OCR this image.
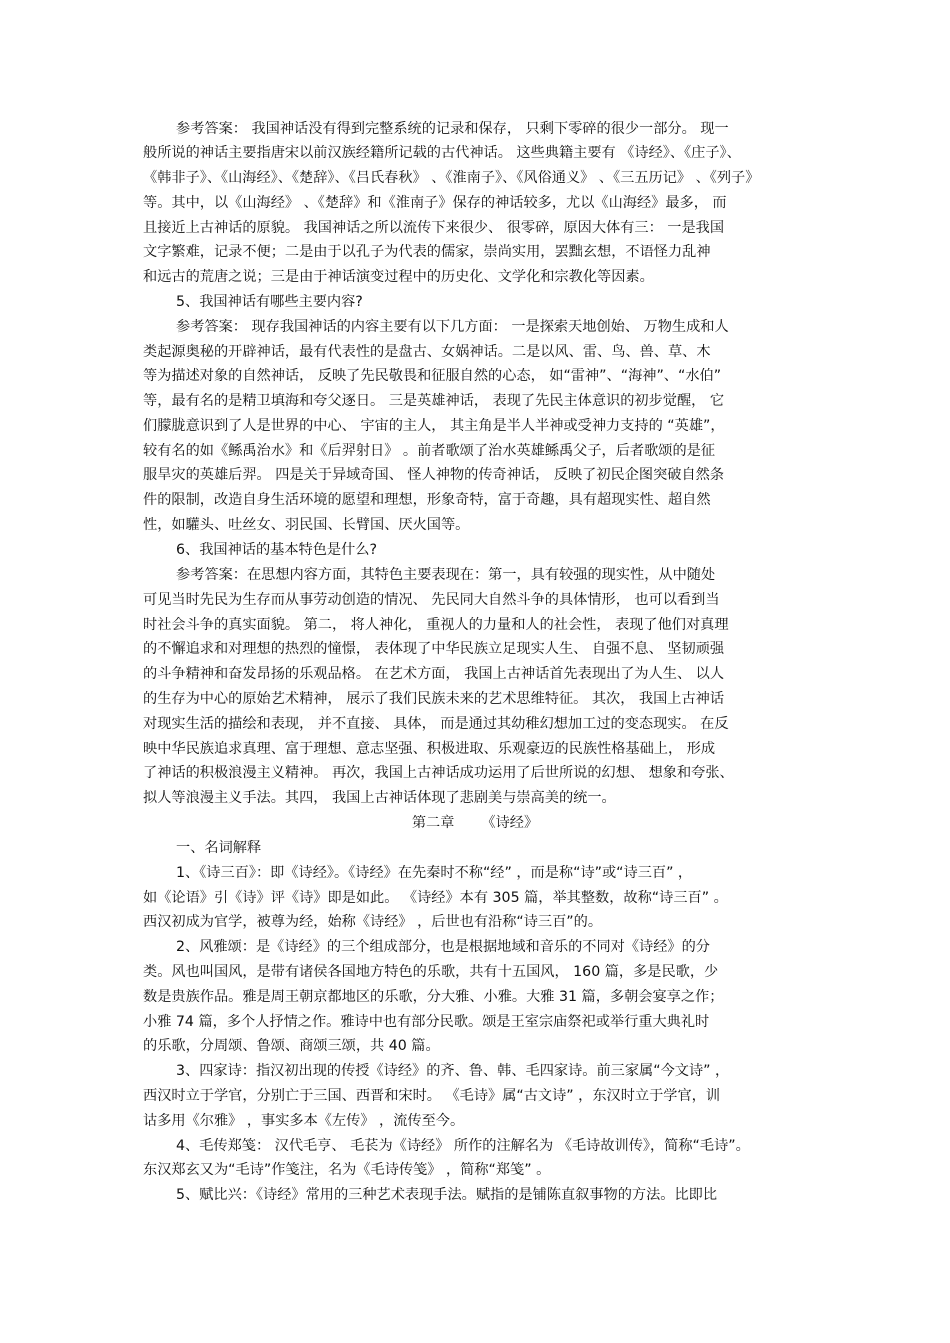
参考答案： 我国神话没有得到完整系统的记录和保存， 只剩下零碎的很少一部分。 现一
般所说的神话主要指唐宋以前汉族经籍所记载的古代神话。 这些典籍主要有 《诗经》、《庄子》、
《韩非子》、《山海经》、《楚辞》、《吕氏春秋》 、《淮南子》、《风俗通义》 、《三五历记》 、《列子》
等。其中，以《山海经》 、《楚辞》和《淮南子》保存的神话较多，尤以《山海经》最多， 而
且接近上古神话的原貌。 我国神话之所以流传下来很少、 很零碎，原因大体有三： 一是我国
文字繁难，记录不便；二是由于以孔子为代表的儒家，崇尚实用，罢黜玄想，不语怪力乱神
和远古的荒唐之说；三是由于神话演变过程中的历史化、文学化和宗教化等因素。
5、我国神话有哪些主要内容?
参考答案： 现存我国神话的内容主要有以下几方面： 一是探索天地创始、 万物生成和人
类起源奥秘的开辟神话，最有代表性的是盘古、女娲神话。二是以风、雷、鸟、兽、草、木
等为描述对象的自然神话， 反映了先民敬畏和征服自然的心态， 如“雷神”、“海神”、“水伯”
等，最有名的是精卫填海和夸父逐日。 三是英雄神话， 表现了先民主体意识的初步觉醒， 它
们朦胧意识到了人是世界的中心、 宇宙的主人， 其主角是半人半神或受神力支持的 “英雄”，
较有名的如《鲧禹治水》和《后羿射日》 。前者歌颂了治水英雄鲧禹父子，后者歌颂的是征
服旱灾的英雄后羿。 四是关于异域奇国、 怪人神物的传奇神话， 反映了初民企图突破自然条
件的限制，改造自身生活环境的愿望和理想，形象奇特，富于奇趣，具有超现实性、超自然
性，如驩头、吐丝女、羽民国、长臂国、厌火国等。
6、我国神话的基本特色是什么?
参考答案：在思想内容方面，其特色主要表现在：第一，具有较强的现实性，从中随处
可见当时先民为生存而从事劳动创造的情况、 先民同大自然斗争的具体情形， 也可以看到当
时社会斗争的真实面貌。 第二， 将人神化， 重视人的力量和人的社会性， 表现了他们对真理
的不懈追求和对理想的热烈的憧憬， 表体现了中华民族立足现实人生、 自强不息、 坚韧顽强
的斗争精神和奋发昂扬的乐观品格。 在艺术方面， 我国上古神话首先表现出了为人生、 以人
的生存为中心的原始艺术精神， 展示了我们民族未来的艺术思维特征。 其次， 我国上古神话
对现实生活的描绘和表现， 并不直接、 具体， 而是通过其幼稚幻想加工过的变态现实。 在反
映中华民族追求真理、富于理想、意志坚强、积极进取、乐观豪迈的民族性格基础上， 形成
了神话的积极浪漫主义精神。 再次，我国上古神话成功运用了后世所说的幻想、 想象和夸张、
拟人等浪漫主义手法。其四， 我国上古神话体现了悲剧美与崇高美的统一。
第二章      《诗经》
一、名词解释
1、《诗三百》：即《诗经》。《诗经》在先秦时不称“经” ，而是称“诗”或“诗三百” ，
如《论语》引《诗》评《诗》即是如此。 《诗经》本有 305 篇，举其整数，故称“诗三百” 。
西汉初成为官学，被尊为经，始称《诗经》 ，后世也有沿称“诗三百”的。
2、风雅颂：是《诗经》的三个组成部分，也是根据地域和音乐的不同对《诗经》的分
类。风也叫国风，是带有诸侯各国地方特色的乐歌，共有十五国风， 160 篇，多是民歌，少
数是贵族作品。雅是周王朝京都地区的乐歌，分大雅、小雅。大雅 31 篇，多朝会宴享之作；
小雅 74 篇，多个人抒情之作。雅诗中也有部分民歌。颂是王室宗庙祭祀或举行重大典礼时
的乐歌，分周颂、鲁颂、商颂三颂，共 40 篇。
3、四家诗：指汉初出现的传授《诗经》的齐、鲁、韩、毛四家诗。前三家属“今文诗” ，
西汉时立于学官，分别亡于三国、西晋和宋时。 《毛诗》属“古文诗” ，东汉时立于学官，训
诂多用《尔雅》 ，事实多本《左传》 ，流传至今。
4、毛传郑笺： 汉代毛亨、 毛苌为《诗经》 所作的注解名为 《毛诗故训传》，简称“毛诗”。
东汉郑玄又为“毛诗”作笺注，名为《毛诗传笺》 ，简称“郑笺” 。
5、赋比兴：《诗经》常用的三种艺术表现手法。赋指的是铺陈直叙事物的方法。比即比
